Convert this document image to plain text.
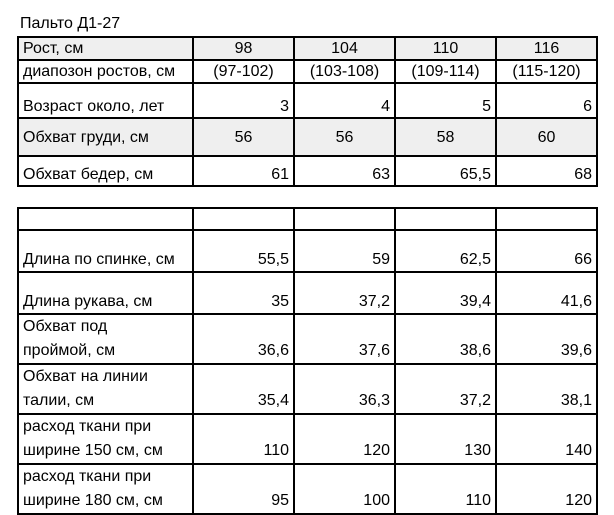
Пальто Д1-27
Рост, см	98	104	110	116
диапозон ростов, см	(97-102)	(103-108)	(109-114)	(115-120)
Возраст около, лет	3	4	5	6
Обхват груди, см	56	56	58	60
Обхват бедер, см	61	63	65,5	68

Длина по спинке, см	55,5	59	62,5	66
Длина рукава, см	35	37,2	39,4	41,6

Обхват под
проймой, см	36,6	37,6	38,6	39,6

Обхват на линии
талии, см	35,4	36,3	37,2	38,1

расход ткани при
ширине 150 см, см	110	120	130	140

расход ткани при
ширине 180 см, см	95	100	110	120
